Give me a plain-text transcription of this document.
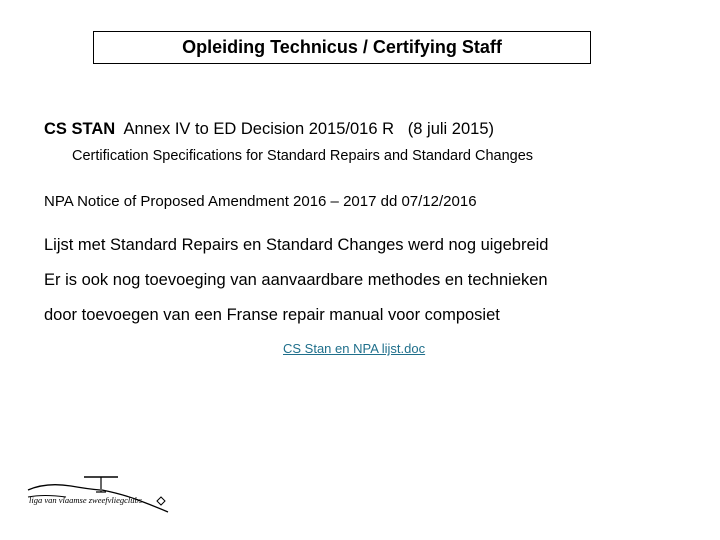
Opleiding Technicus / Certifying Staff
CS STAN  Annex IV to ED Decision 2015/016 R   (8 juli 2015)
Certification Specifications for Standard Repairs and Standard Changes
NPA Notice of Proposed Amendment 2016 – 2017 dd 07/12/2016
Lijst met Standard Repairs en Standard Changes werd nog uigebreid
Er is ook nog toevoeging van aanvaardbare methodes en technieken
door toevoegen van een Franse repair manual voor composiet
CS Stan en NPA lijst.doc
liga van vlaamse zweefvliegclubs
